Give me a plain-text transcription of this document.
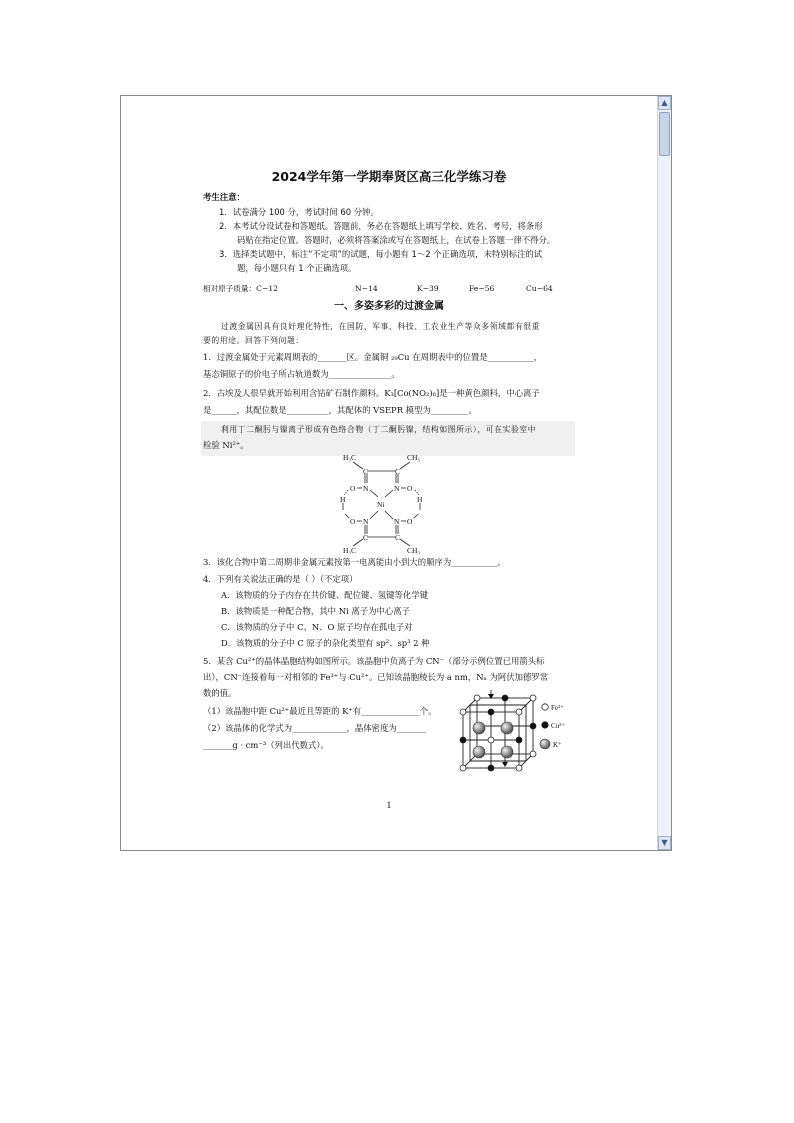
2024学年第一学期奉贤区高三化学练习卷
考生注意：
1．试卷满分 100 分，考试时间 60 分钟。
2．本考试分设试卷和答题纸。答题前，务必在答题纸上填写学校、姓名、考号，将条形
码贴在指定位置。答题时，必须将答案涂或写在答题纸上，在试卷上答题一律不得分。
3．选择类试题中，标注“不定项”的试题，每小题有 1～2 个正确选项，未特别标注的试
题，每小题只有 1 个正确选项。
相对原子质量：C−12	N−14	K−39	Fe−56	Cu−64
一、多姿多彩的过渡金属
过渡金属因具有良好理化特性，在国防、军事、科技、工农业生产等众多领域都有很重
要的用途。回答下列问题：
1．过渡金属处于元素周期表的_______区。金属铜 ₂₉Cu 在周期表中的位置是___________，
基态铜原子的价电子所占轨道数为_______________。
2．古埃及人很早就开始利用含钴矿石制作颜料。K₃[Co(NO₂)₆]是一种黄色颜料，中心离子
是______，其配位数是__________，其配体的 VSEPR 模型为_________。
利用丁二酮肟与镍离子形成有色络合物（丁二酮肟镍，结构如图所示），可在实验室中
检验 Ni²⁺。
H₃C	CH₃
C	C
O N	N O
Ni
H	H
O N	N O
C	C
H₃C	CH₃
3．该化合物中第二周期非金属元素按第一电离能由小到大的顺序为___________。
4．下列有关说法正确的是（ ）（不定项）
A．该物质的分子内存在共价键、配位键、氢键等化学键
B．该物质是一种配合物，其中 Ni 离子为中心离子
C．该物质的分子中 C、N、O 原子均存在孤电子对
D．该物质的分子中 C 原子的杂化类型有 sp²、sp³ 2 种
5．某含 Cu²⁺的晶体晶胞结构如图所示。该晶胞中负离子为 CN⁻（部分示例位置已用箭头标
出），CN⁻连接着每一对相邻的 Fe³⁺与 Cu²⁺。已知该晶胞棱长为 a nm，Nₐ 为阿伏加德罗常
数的值。
（1）该晶胞中距 Cu²⁺最近且等距的 K⁺有______________个。
（2）该晶体的化学式为_____________，晶体密度为_______
_______g · cm⁻³（列出代数式）。
Fe³⁺
Cu²⁺
K⁺
1
▲
▼
